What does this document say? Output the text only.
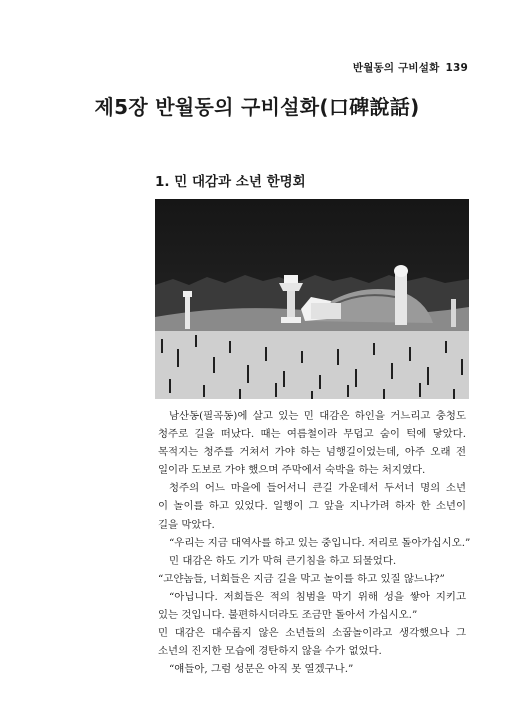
반월동의 구비설화 139
제5장 반월동의 구비설화(口碑說話)
1. 민 대감과 소년 한명회
남산동(필곡동)에 살고 있는 민 대감은 하인을 거느리고 충청도
청주로 길을 떠났다. 때는 여름철이라 무덥고 숨이 턱에 닿았다.
목적지는 청주를 거쳐서 가야 하는 넘행길이었는데, 아주 오래 전
일이라 도보로 가야 했으며 주막에서 숙박을 하는 처지였다.
청주의 어느 마을에 들어서니 큰길 가운데서 두서너 명의 소년
이 놀이를 하고 있었다. 일행이 그 앞을 지나가려 하자 한 소년이
길을 막았다.
“우리는 지금 대역사를 하고 있는 중입니다. 저리로 돌아가십시오.”
민 대감은 하도 기가 막혀 큰기침을 하고 되물었다.
“고얀놈들, 너희들은 지금 길을 막고 놀이를 하고 있질 않느냐?”
“아닙니다. 저희들은 적의 침범을 막기 위해 성을 쌓아 지키고
있는 것입니다. 불편하시더라도 조금만 돌아서 가십시오.”
민 대감은 대수롭지 않은 소년들의 소꿉놀이라고 생각했으나 그
소년의 진지한 모습에 경탄하지 않을 수가 없었다.
“얘들아, 그럼 성문은 아직 못 열겠구나.”
